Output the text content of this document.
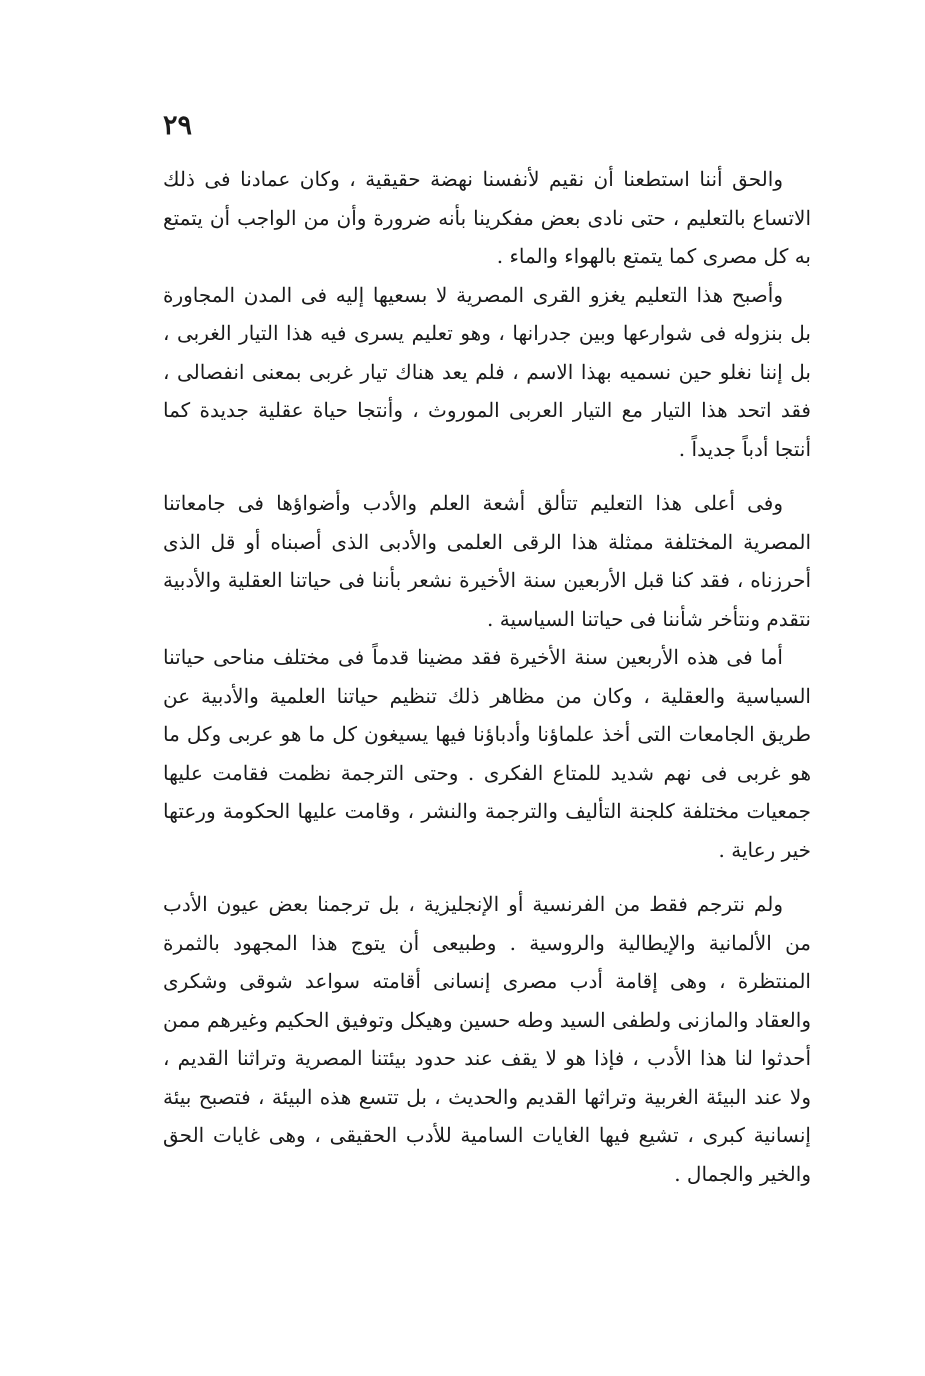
٢٩

والحق أننا استطعنا أن نقيم لأنفسنا نهضة حقيقية ، وكان عمادنا فى ذلك الاتساع بالتعليم ، حتى نادى بعض مفكرينا بأنه ضرورة وأن من الواجب أن يتمتع به كل مصرى كما يتمتع بالهواء والماء .

وأصبح هذا التعليم يغزو القرى المصرية لا بسعيها إليه فى المدن المجاورة بل بنزوله فى شوارعها وبين جدرانها ، وهو تعليم يسرى فيه هذا التيار الغربى ، بل إننا نغلو حين نسميه بهذا الاسم ، فلم يعد هناك تيار غربى بمعنى انفصالى ، فقد اتحد هذا التيار مع التيار العربى الموروث ، وأنتجا حياة عقلية جديدة كما أنتجا أدباً جديداً .

وفى أعلى هذا التعليم تتألق أشعة العلم والأدب وأضواؤها فى جامعاتنا المصرية المختلفة ممثلة هذا الرقى العلمى والأدبى الذى أصبناه أو قل الذى أحرزناه ، فقد كنا قبل الأربعين سنة الأخيرة نشعر بأننا فى حياتنا العقلية والأدبية نتقدم ونتأخر شأننا فى حياتنا السياسية .

أما فى هذه الأربعين سنة الأخيرة فقد مضينا قدماً فى مختلف مناحى حياتنا السياسية والعقلية ، وكان من مظاهر ذلك تنظيم حياتنا العلمية والأدبية عن طريق الجامعات التى أخذ علماؤنا وأدباؤنا فيها يسيغون كل ما هو عربى وكل ما هو غربى فى نهم شديد للمتاع الفكرى . وحتى الترجمة نظمت فقامت عليها جمعيات مختلفة كلجنة التأليف والترجمة والنشر ، وقامت عليها الحكومة ورعتها خير رعاية .

ولم نترجم فقط من الفرنسية أو الإنجليزية ، بل ترجمنا بعض عيون الأدب من الألمانية والإيطالية والروسية . وطبيعى أن يتوج هذا المجهود بالثمرة المنتظرة ، وهى إقامة أدب مصرى إنسانى أقامته سواعد شوقى وشكرى والعقاد والمازنى ولطفى السيد وطه حسين وهيكل وتوفيق الحكيم وغيرهم ممن أحدثوا لنا هذا الأدب ، فإذا هو لا يقف عند حدود بيئتنا المصرية وتراثنا القديم ، ولا عند البيئة الغربية وتراثها القديم والحديث ، بل تتسع هذه البيئة ، فتصبح بيئة إنسانية كبرى ، تشيع فيها الغايات السامية للأدب الحقيقى ، وهى غايات الحق والخير والجمال .
